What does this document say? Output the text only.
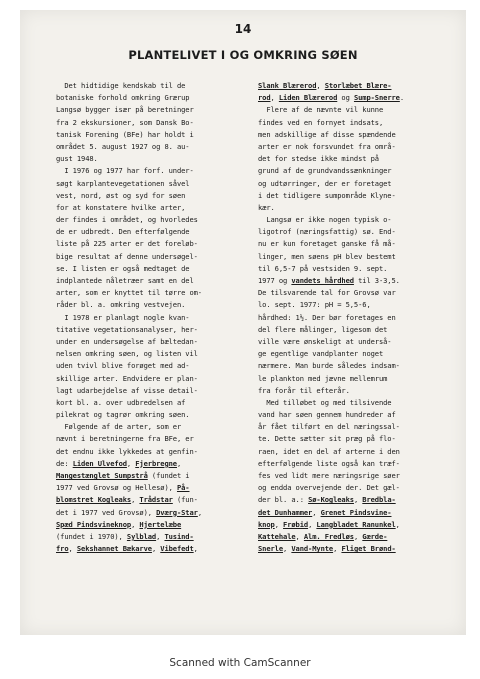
14
PLANTELIVET I OG OMKRING SØEN
Det hidtidige kendskab til de
botaniske forhold omkring Grærup
Langsø bygger især på beretninger
fra 2 ekskursioner, som Dansk Bo-
tanisk Forening (BFe) har holdt i
området 5. august 1927 og 8. au-
gust 1948.
I 1976 og 1977 har forf. under-
søgt karplantevegetationen såvel
vest, nord, øst og syd for søen
for at konstatere hvilke arter,
der findes i området, og hvorledes
de er udbredt. Den efterfølgende
liste på 225 arter er det foreløb-
bige resultat af denne undersøgel-
se. I listen er også medtaget de
indplantede nåletræer samt en del
arter, som er knyttet til tørre om-
råder bl. a. omkring vestvejen.
I 1978 er planlagt nogle kvan-
titative vegetationsanalyser, her-
under en undersøgelse af bæltedan-
nelsen omkring søen, og listen vil
uden tvivl blive forøget med ad-
skillige arter. Endvidere er plan-
lagt udarbejdelse af visse detail-
kort bl. a. over udbredelsen af
pilekrat og tagrør omkring søen.
Følgende af de arter, som er
nævnt i beretningerne fra BFe, er
det endnu ikke lykkedes at genfin-
de: Liden Ulvefod, Fjerbregne,
Mangestænglet Sumpstrå (fundet i
1977 ved Grovsø og Hellesø), På-
blomstret Kogleaks, Trådstar (fun-
det i 1977 ved Grovsø), Dværg-Star,
Spæd Pindsvineknop, Hjertelæbe
(fundet i 1970), Sylblad, Tusind-
fro, Sekshannet Bækarve, Vibefedt,
Slank Blærerod, Storlæbet Blære-
rod, Liden Blærerod og Sump-Snerre.
Flere af de nævnte vil kunne
findes ved en fornyet indsats,
men adskillige af disse spændende
arter er nok forsvundet fra områ-
det for stedse ikke mindst på
grund af de grundvandssænkninger
og udtørringer, der er foretaget
i det tidligere sumpområde Klyne-
kær.
Langsø er ikke nogen typisk o-
ligotrof (næringsfattig) sø. End-
nu er kun foretaget ganske få må-
linger, men søens pH blev bestemt
til 6,5-7 på vestsiden 9. sept.
1977 og vandets hårdhed til 3-3,5.
De tilsvarende tal for Grovsø var
lo. sept. 1977: pH = 5,5-6,
hårdhed: 1½. Der bør foretages en
del flere målinger, ligesom det
ville være ønskeligt at underså-
ge egentlige vandplanter noget
nærmere. Man burde således indsam-
le plankton med jævne mellemrum
fra forår til efterår.
Med tilløbet og med tilsivende
vand har søen gennem hundreder af
år fået tilført en del næringssal-
te. Dette sætter sit præg på flo-
raen, idet en del af arterne i den
efterfølgende liste også kan træf-
fes ved lidt mere næringsrige søer
og endda overvejende der. Det gæl-
der bl. a.: Sø-Kogleaks, Bredbla-
det Dunhammer, Grenet Pindsvine-
knop, Frøbid, Langbladet Ranunkel,
Kattehale, Alm. Fredløs, Gærde-
Snerle, Vand-Mynte, Fliget Brønd-
Scanned with CamScanner
